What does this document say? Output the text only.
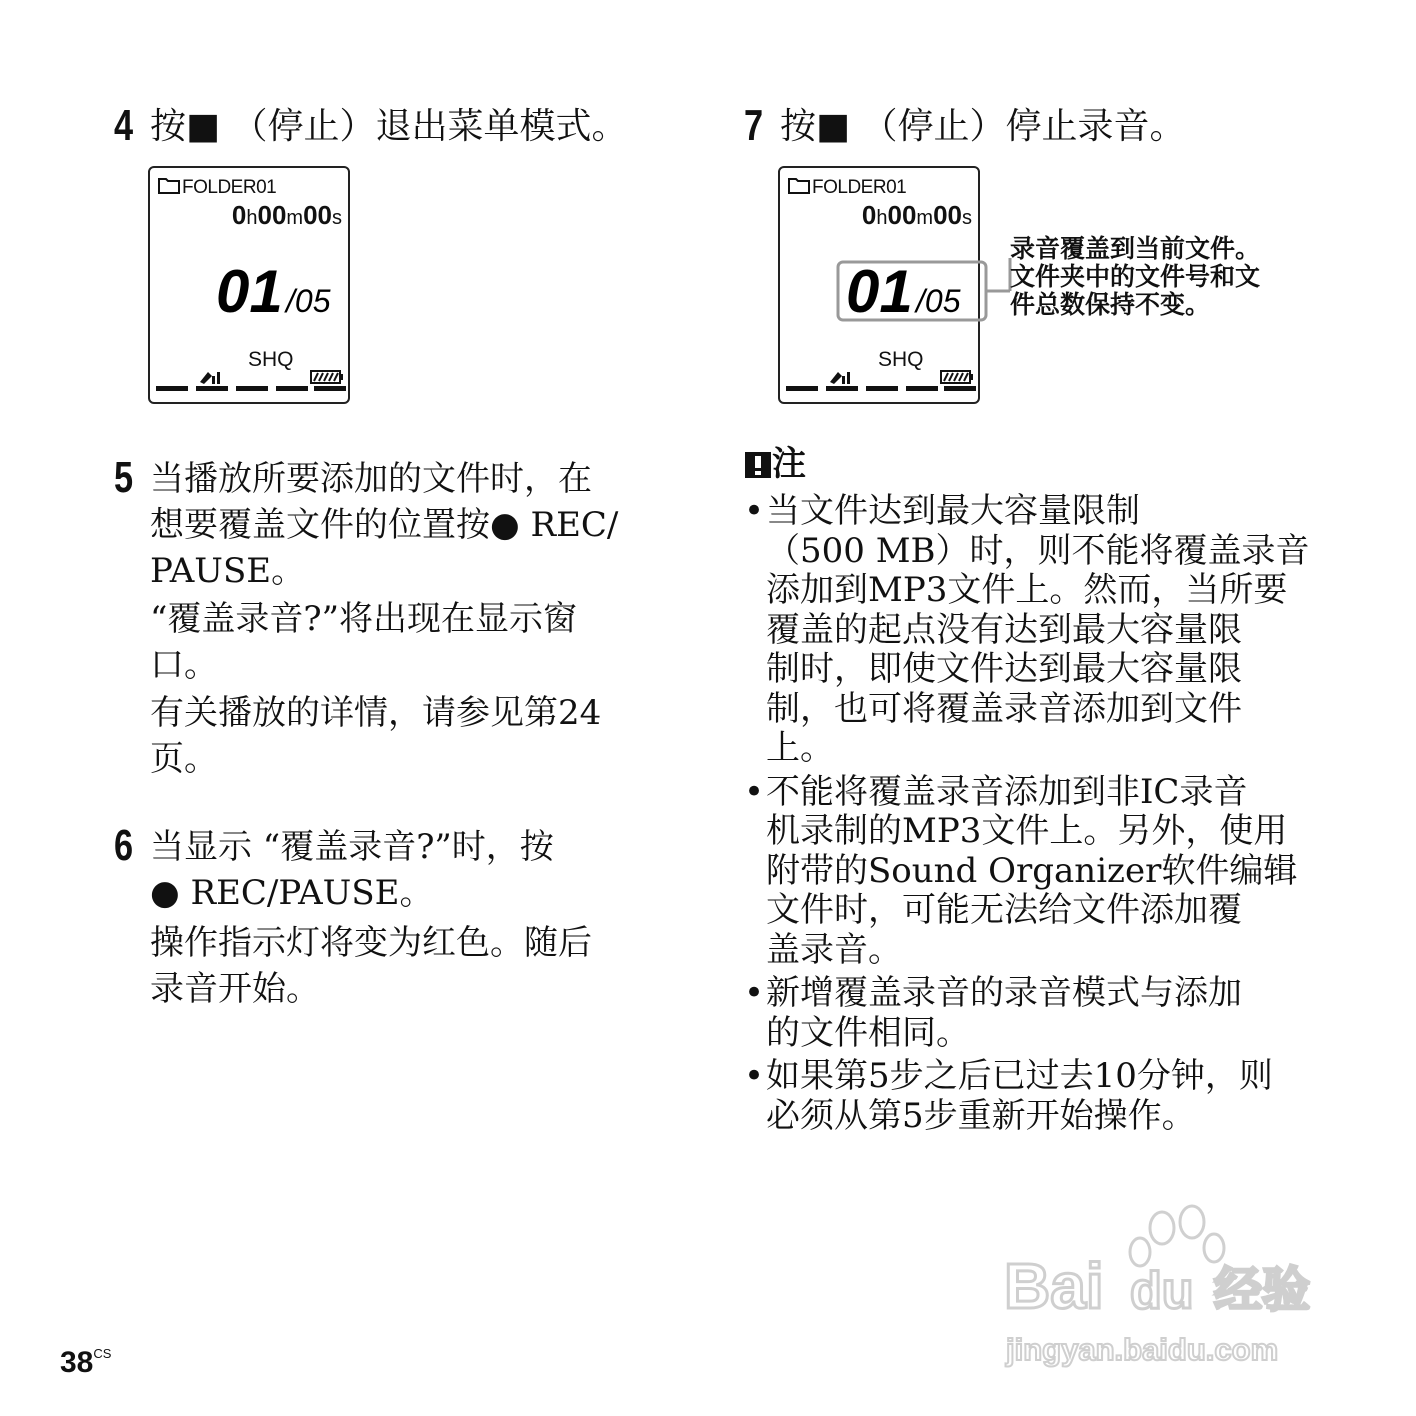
4 按■ （停止）退出菜单模式。
FOLDER01
0h00m00s
01 /05
SHQ
5 当播放所要添加的文件时，在
想要覆盖文件的位置按● REC/
PAUSE。
“覆盖录音?”将出现在显示窗
口。
有关播放的详情，请参见第24
页。
6 当显示 “覆盖录音?”时，按
● REC/PAUSE。
操作指示灯将变为红色。随后
录音开始。
7 按■ （停止）停止录音。
FOLDER01
0h00m00s
01 /05
SHQ
录音覆盖到当前文件。
文件夹中的文件号和文
件总数保持不变。
注
• 当文件达到最大容量限制
（500 MB）时，则不能将覆盖录音
添加到MP3文件上。然而，当所要
覆盖的起点没有达到最大容量限
制时，即使文件达到最大容量限
制，也可将覆盖录音添加到文件
上。
• 不能将覆盖录音添加到非IC录音
机录制的MP3文件上。另外，使用
附带的Sound Organizer软件编辑
文件时，可能无法给文件添加覆
盖录音。
• 新增覆盖录音的录音模式与添加
的文件相同。
• 如果第5步之后已过去10分钟，则
必须从第5步重新开始操作。
$38^{CS}$
Bai du 经验
jingyan.baidu.com
